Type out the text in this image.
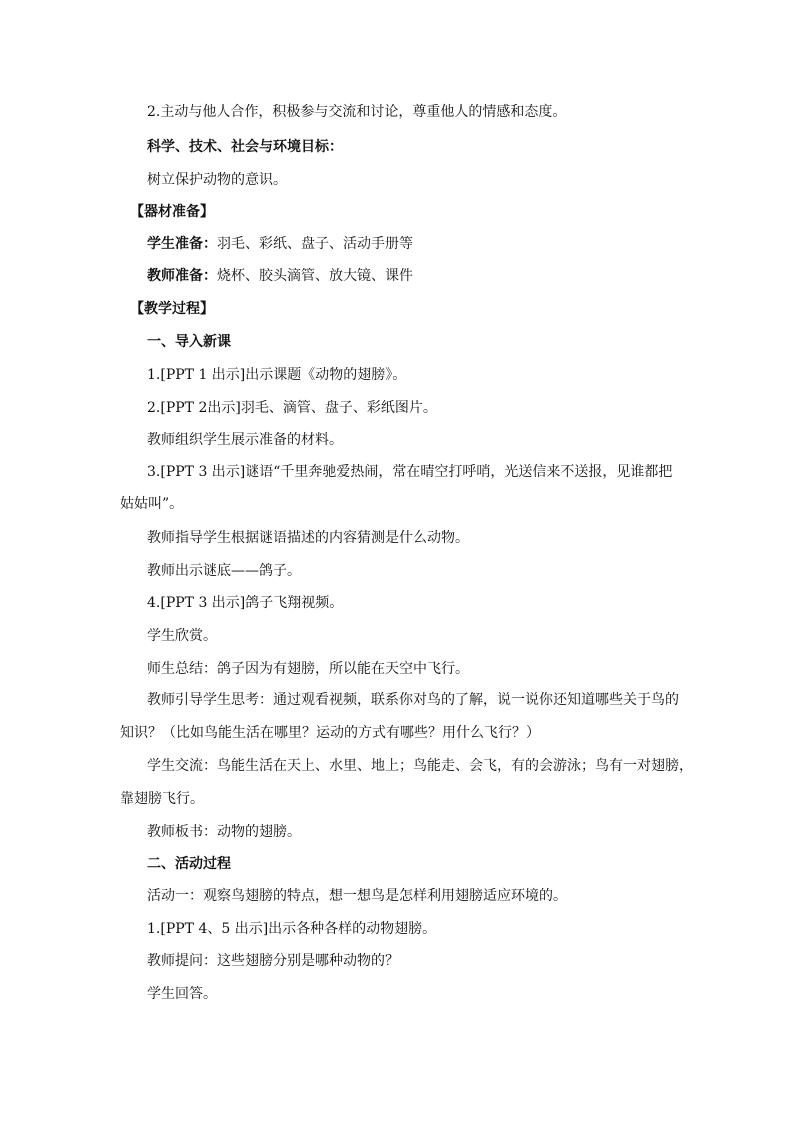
2.主动与他人合作，积极参与交流和讨论，尊重他人的情感和态度。
科学、技术、社会与环境目标：
树立保护动物的意识。
【器材准备】
学生准备：羽毛、彩纸、盘子、活动手册等
教师准备：烧杯、胶头滴管、放大镜、课件
【教学过程】
一、导入新课
1.[PPT 1 出示]出示课题《动物的翅膀》。
2.[PPT 2出示]羽毛、滴管、盘子、彩纸图片。
教师组织学生展示准备的材料。
3.[PPT 3 出示]谜语“千里奔驰爱热闹，常在晴空打呼哨，光送信来不送报，见谁都把
姑姑叫”。
教师指导学生根据谜语描述的内容猜测是什么动物。
教师出示谜底——鸽子。
4.[PPT 3 出示]鸽子飞翔视频。
学生欣赏。
师生总结：鸽子因为有翅膀，所以能在天空中飞行。
教师引导学生思考：通过观看视频，联系你对鸟的了解，说一说你还知道哪些关于鸟的
知识？（比如鸟能生活在哪里？运动的方式有哪些？用什么飞行？）
学生交流：鸟能生活在天上、水里、地上；鸟能走、会飞，有的会游泳；鸟有一对翅膀，
靠翅膀飞行。
教师板书：动物的翅膀。
二、活动过程
活动一：观察鸟翅膀的特点，想一想鸟是怎样利用翅膀适应环境的。
1.[PPT 4、5 出示]出示各种各样的动物翅膀。
教师提问：这些翅膀分别是哪种动物的？
学生回答。
